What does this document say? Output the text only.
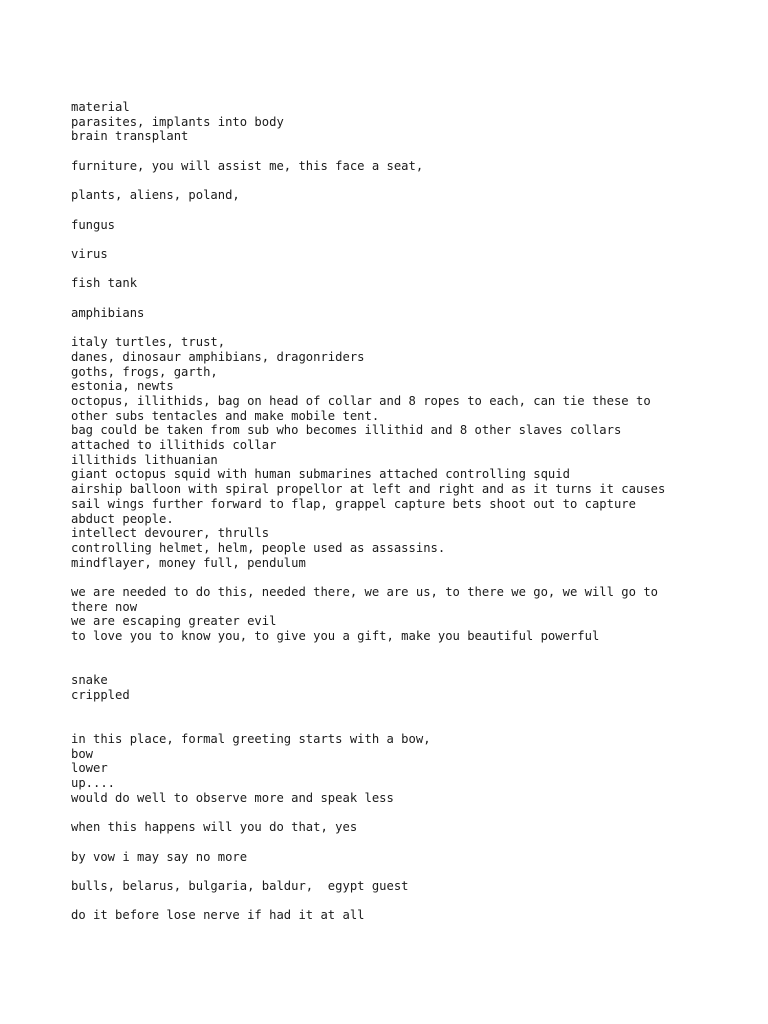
material
parasites, implants into body
brain transplant
furniture, you will assist me, this face a seat,
plants, aliens, poland,
fungus
virus
fish tank
amphibians
italy turtles, trust,
danes, dinosaur amphibians, dragonriders
goths, frogs, garth,
estonia, newts
octopus, illithids, bag on head of collar and 8 ropes to each, can tie these to
other subs tentacles and make mobile tent.
bag could be taken from sub who becomes illithid and 8 other slaves collars
attached to illithids collar
illithids lithuanian
giant octopus squid with human submarines attached controlling squid
airship balloon with spiral propellor at left and right and as it turns it causes
sail wings further forward to flap, grappel capture bets shoot out to capture
abduct people.
intellect devourer, thrulls
controlling helmet, helm, people used as assassins.
mindflayer, money full, pendulum
we are needed to do this, needed there, we are us, to there we go, we will go to
there now
we are escaping greater evil
to love you to know you, to give you a gift, make you beautiful powerful
snake
crippled
in this place, formal greeting starts with a bow,
bow
lower
up....
would do well to observe more and speak less
when this happens will you do that, yes
by vow i may say no more
bulls, belarus, bulgaria, baldur,  egypt guest
do it before lose nerve if had it at all
